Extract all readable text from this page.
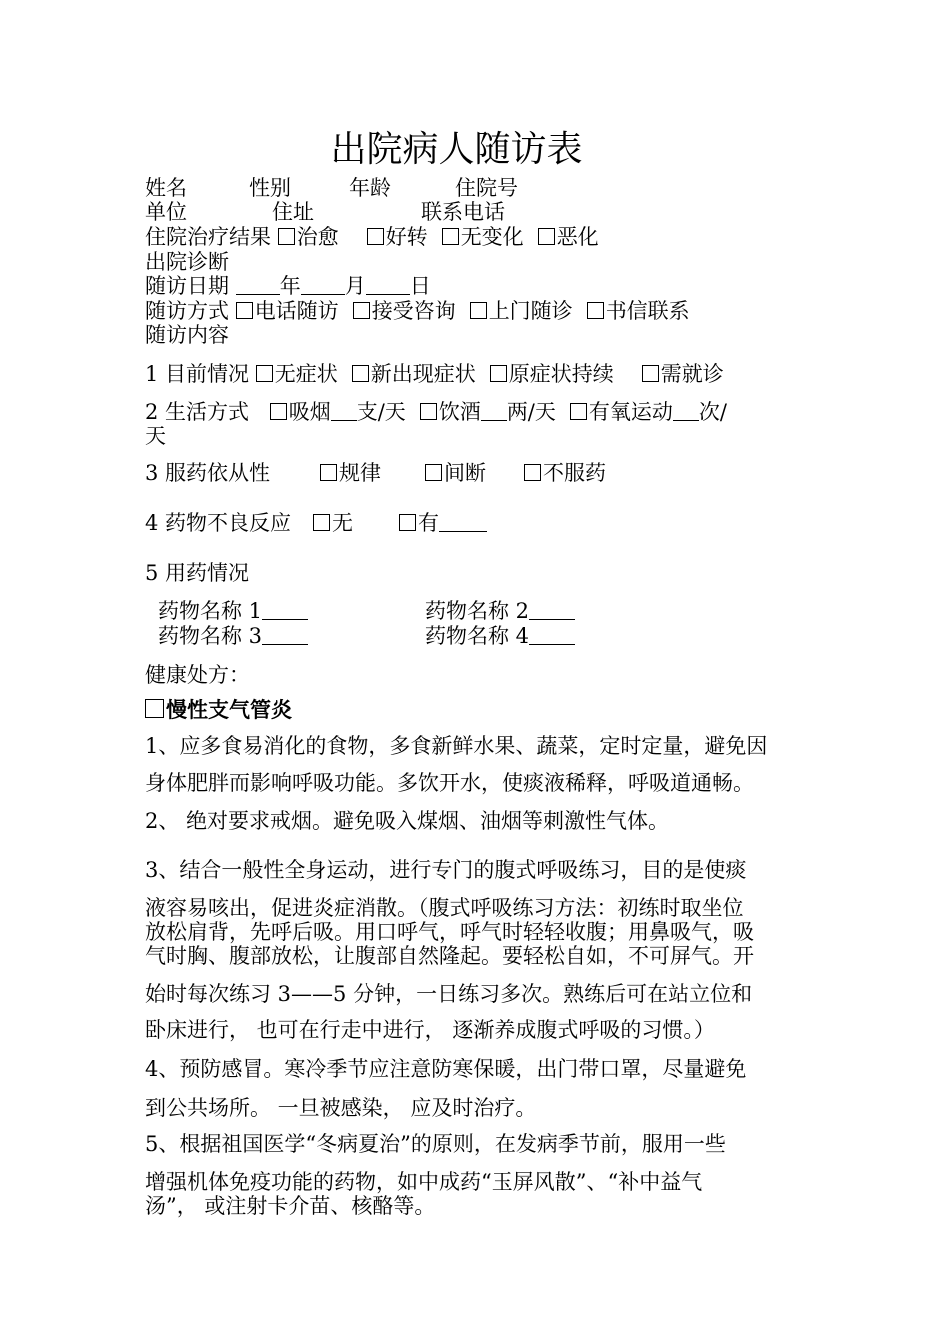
出院病人随访表
姓名	性别	年龄	住院号
单位	住址	联系电话
住院治疗结果 治愈 好转 无变化 恶化
出院诊断
随访日期 年 月 日
随访方式 电话随访 接受咨询 上门随诊 书信联系
随访内容
1 目前情况 无症状 新出现症状 原症状持续 需就诊
2 生活方式 吸烟 支/天 饮酒 两/天 有氧运动 次/
天
3 服药依从性	规律	间断	不服药
4 药物不良反应 无	有
5 用药情况
药物名称 1	药物名称 2
药物名称 3	药物名称 4
健康处方：
慢性支气管炎
1、应多食易消化的食物，多食新鲜水果、蔬菜，定时定量，避免因
身体肥胖而影响呼吸功能。多饮开水，使痰液稀释，呼吸道通畅。
2、 绝对要求戒烟。避免吸入煤烟、油烟等刺激性气体。
3、结合一般性全身运动，进行专门的腹式呼吸练习，目的是使痰
液容易咳出，促进炎症消散。（腹式呼吸练习方法：初练时取坐位
放松肩背，先呼后吸。用口呼气，呼气时轻轻收腹；用鼻吸气，吸
气时胸、腹部放松，让腹部自然隆起。要轻松自如，不可屏气。开
始时每次练习 3——5 分钟，一日练习多次。熟练后可在站立位和
卧床进行， 也可在行走中进行， 逐渐养成腹式呼吸的习惯。）
4、预防感冒。寒冷季节应注意防寒保暖，出门带口罩，尽量避免
到公共场所。 一旦被感染， 应及时治疗。
5、根据祖国医学“冬病夏治”的原则，在发病季节前，服用一些
增强机体免疫功能的药物，如中成药“玉屏风散”、“补中益气
汤”， 或注射卡介苗、核酪等。
